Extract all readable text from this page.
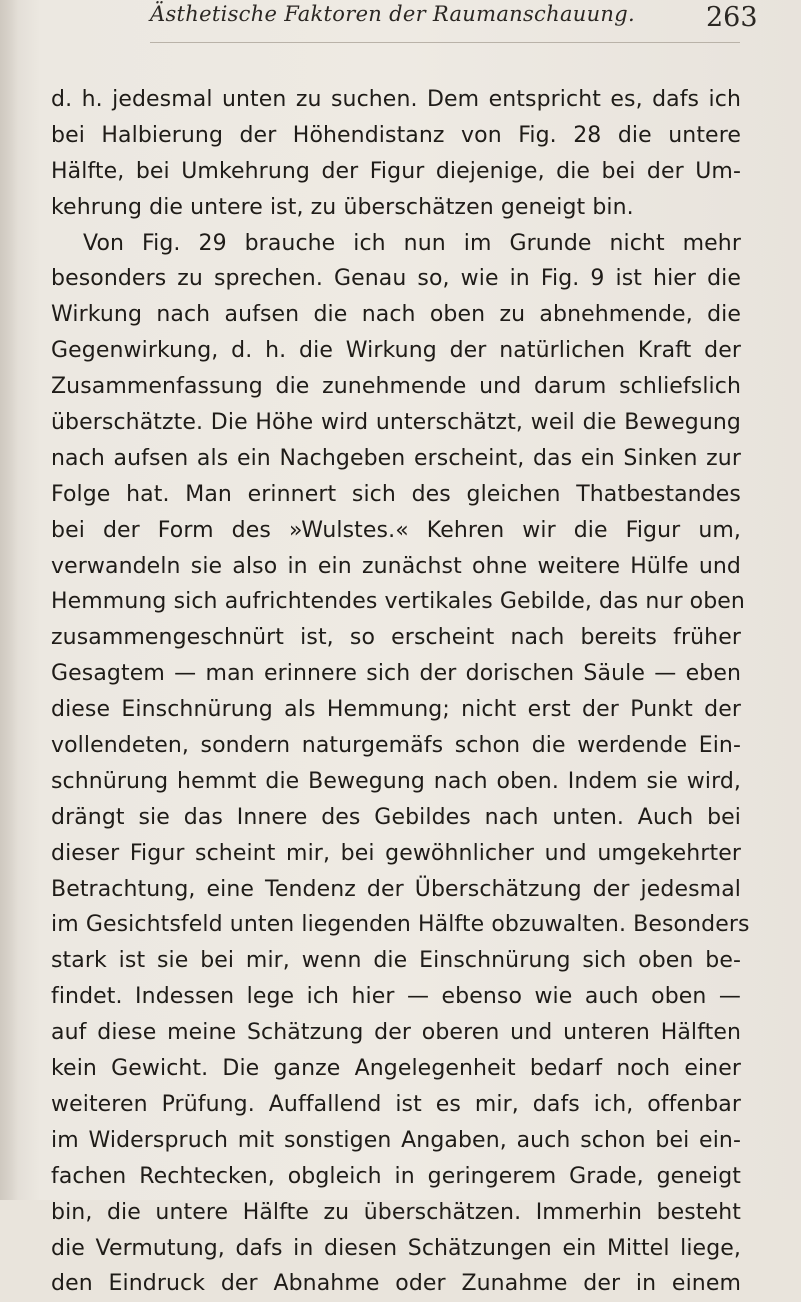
Ästhetische Faktoren der Raumanschauung.	263
d. h. jedesmal unten zu suchen. Dem entspricht es, dafs ich
bei Halbierung der Höhendistanz von Fig. 28 die untere
Hälfte, bei Umkehrung der Figur diejenige, die bei der Um-
kehrung die untere ist, zu überschätzen geneigt bin.
Von Fig. 29 brauche ich nun im Grunde nicht mehr
besonders zu sprechen. Genau so, wie in Fig. 9 ist hier die
Wirkung nach aufsen die nach oben zu abnehmende, die
Gegenwirkung, d. h. die Wirkung der natürlichen Kraft der
Zusammenfassung die zunehmende und darum schliefslich
überschätzte. Die Höhe wird unterschätzt, weil die Bewegung
nach aufsen als ein Nachgeben erscheint, das ein Sinken zur
Folge hat. Man erinnert sich des gleichen Thatbestandes
bei der Form des »Wulstes.« Kehren wir die Figur um,
verwandeln sie also in ein zunächst ohne weitere Hülfe und
Hemmung sich aufrichtendes vertikales Gebilde, das nur oben
zusammengeschnürt ist, so erscheint nach bereits früher
Gesagtem — man erinnere sich der dorischen Säule — eben
diese Einschnürung als Hemmung; nicht erst der Punkt der
vollendeten, sondern naturgemäfs schon die werdende Ein-
schnürung hemmt die Bewegung nach oben. Indem sie wird,
drängt sie das Innere des Gebildes nach unten. Auch bei
dieser Figur scheint mir, bei gewöhnlicher und umgekehrter
Betrachtung, eine Tendenz der Überschätzung der jedesmal
im Gesichtsfeld unten liegenden Hälfte obzuwalten. Besonders
stark ist sie bei mir, wenn die Einschnürung sich oben be-
findet. Indessen lege ich hier — ebenso wie auch oben —
auf diese meine Schätzung der oberen und unteren Hälften
kein Gewicht. Die ganze Angelegenheit bedarf noch einer
weiteren Prüfung. Auffallend ist es mir, dafs ich, offenbar
im Widerspruch mit sonstigen Angaben, auch schon bei ein-
fachen Rechtecken, obgleich in geringerem Grade, geneigt
bin, die untere Hälfte zu überschätzen. Immerhin besteht
die Vermutung, dafs in diesen Schätzungen ein Mittel liege,
den Eindruck der Abnahme oder Zunahme der in einem
